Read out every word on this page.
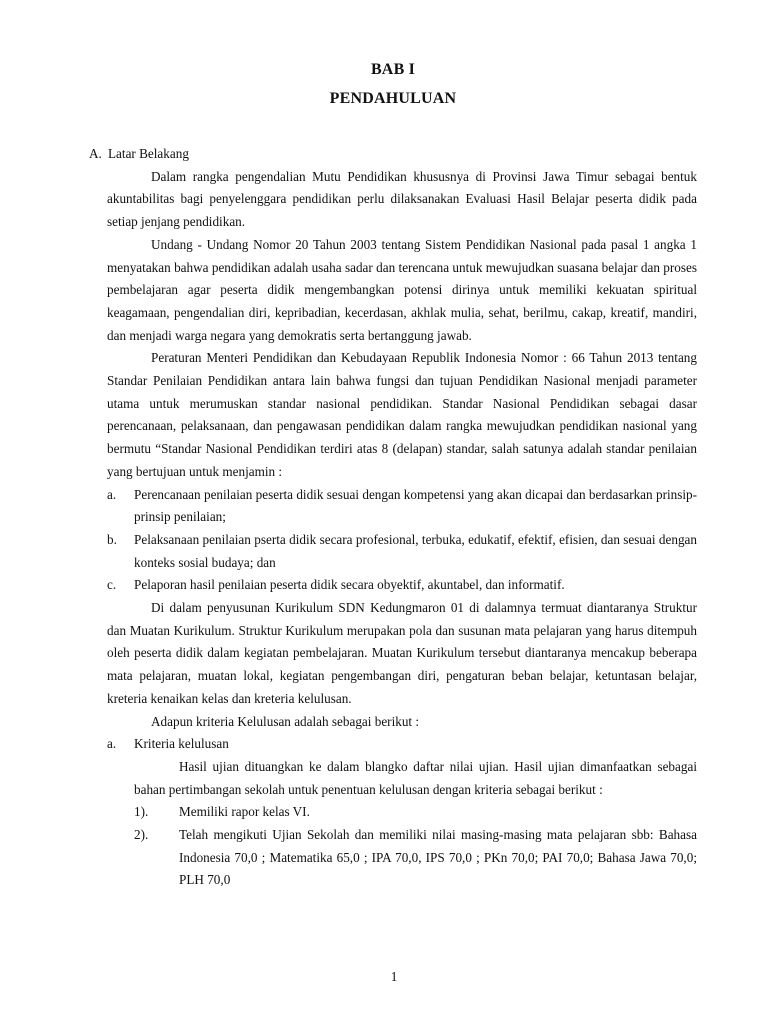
BAB I
PENDAHULUAN
A. Latar Belakang

Dalam rangka pengendalian Mutu Pendidikan khususnya di Provinsi Jawa Timur sebagai bentuk akuntabilitas bagi penyelenggara pendidikan perlu dilaksanakan Evaluasi Hasil Belajar peserta didik pada setiap jenjang pendidikan.

Undang - Undang Nomor 20 Tahun 2003 tentang Sistem Pendidikan Nasional pada pasal 1 angka 1 menyatakan bahwa pendidikan adalah usaha sadar dan terencana untuk mewujudkan suasana belajar dan proses pembelajaran agar peserta didik mengembangkan potensi dirinya untuk memiliki kekuatan spiritual keagamaan, pengendalian diri, kepribadian, kecerdasan, akhlak mulia, sehat, berilmu, cakap, kreatif, mandiri, dan menjadi warga negara yang demokratis serta bertanggung jawab.

Peraturan Menteri Pendidikan dan Kebudayaan Republik Indonesia Nomor : 66 Tahun 2013 tentang Standar Penilaian Pendidikan antara lain bahwa fungsi dan tujuan Pendidikan Nasional menjadi parameter utama untuk merumuskan standar nasional pendidikan. Standar Nasional Pendidikan sebagai dasar perencanaan, pelaksanaan, dan pengawasan pendidikan dalam rangka mewujudkan pendidikan nasional yang bermutu “Standar Nasional Pendidikan terdiri atas 8 (delapan) standar, salah satunya adalah standar penilaian yang bertujuan untuk menjamin :

a.	Perencanaan penilaian peserta didik sesuai dengan kompetensi yang akan dicapai dan berdasarkan prinsip-prinsip penilaian;
b.	Pelaksanaan penilaian pserta didik secara profesional, terbuka, edukatif, efektif, efisien, dan sesuai dengan konteks sosial budaya; dan
c.	Pelaporan hasil penilaian peserta didik secara obyektif, akuntabel, dan informatif.

Di dalam penyusunan Kurikulum SDN Kedungmaron 01 di dalamnya termuat diantaranya Struktur dan Muatan Kurikulum. Struktur Kurikulum merupakan pola dan susunan mata pelajaran yang harus ditempuh oleh peserta didik dalam kegiatan pembelajaran. Muatan Kurikulum tersebut diantaranya mencakup beberapa mata pelajaran, muatan lokal, kegiatan pengembangan diri, pengaturan beban belajar, ketuntasan belajar, kreteria kenaikan kelas dan kreteria kelulusan.

Adapun kriteria Kelulusan adalah sebagai berikut :

a.	Kriteria kelulusan

Hasil ujian dituangkan ke dalam blangko daftar nilai ujian. Hasil ujian dimanfaatkan sebagai bahan pertimbangan sekolah untuk penentuan kelulusan dengan kriteria sebagai berikut :

1).	Memiliki rapor kelas VI.
2).	Telah mengikuti Ujian Sekolah dan memiliki nilai masing-masing mata pelajaran sbb: Bahasa Indonesia 70,0 ; Matematika 65,0 ; IPA 70,0, IPS 70,0 ; PKn 70,0; PAI 70,0; Bahasa Jawa 70,0; PLH 70,0
1
